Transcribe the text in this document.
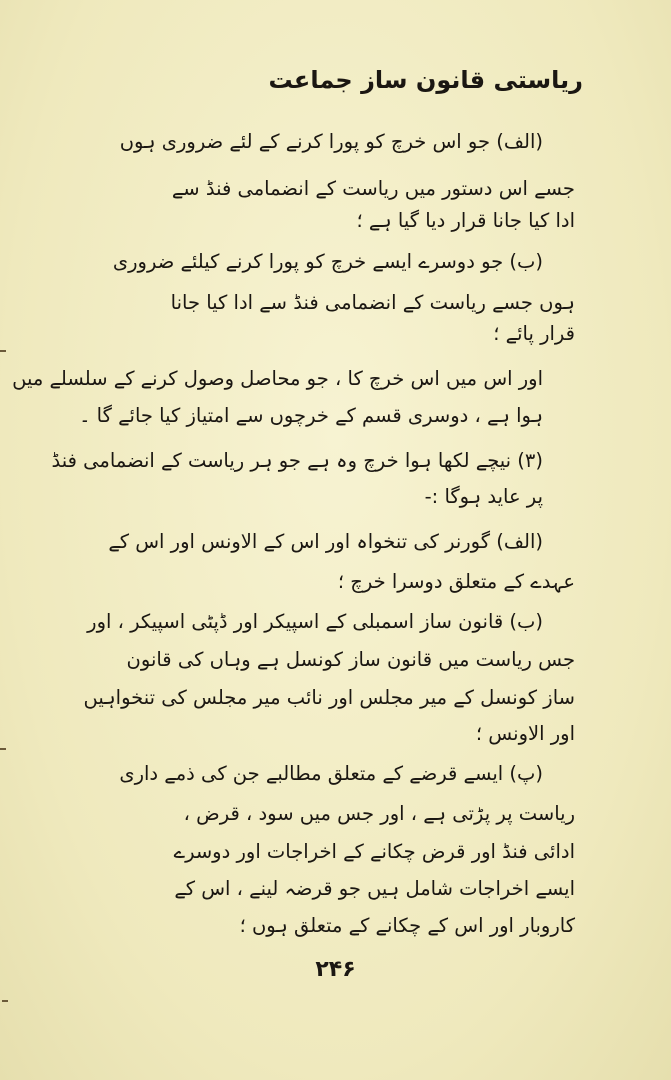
ریاستی قانون ساز جماعت
(الف) جو اس خرچ کو پورا کرنے کے لئے ضروری ہوں
جسے اس دستور میں ریاست کے انضمامی فنڈ سے
ادا کیا جانا قرار دیا گیا ہے ؛
(ب) جو دوسرے ایسے خرچ کو پورا کرنے کیلئے ضروری
ہوں جسے ریاست کے انضمامی فنڈ سے ادا کیا جانا
قرار پائے ؛
اور اس میں اس خرچ کا ، جو محاصل وصول کرنے کے سلسلے میں
ہوا ہے ، دوسری قسم کے خرچوں سے امتیاز کیا جائے گا ۔
(۳) نیچے لکھا ہوا خرچ وہ ہے جو ہر ریاست کے انضمامی فنڈ
پر عاید ہوگا :-
(الف) گورنر کی تنخواہ اور اس کے الاونس اور اس کے
عہدے کے متعلق دوسرا خرچ ؛
(ب) قانون ساز اسمبلی کے اسپیکر اور ڈپٹی اسپیکر ، اور
جس ریاست میں قانون ساز کونسل ہے وہاں کی قانون
ساز کونسل کے میر مجلس اور نائب میر مجلس کی تنخواہیں
اور الاونس ؛
(پ) ایسے قرضے کے متعلق مطالبے جن کی ذمے داری
ریاست پر پڑتی ہے ، اور جس میں سود ، قرض ،
ادائی فنڈ اور قرض چکانے کے اخراجات اور دوسرے
ایسے اخراجات شامل ہیں جو قرضہ لینے ، اس کے
کاروبار اور اس کے چکانے کے متعلق ہوں ؛
۲۴۶
